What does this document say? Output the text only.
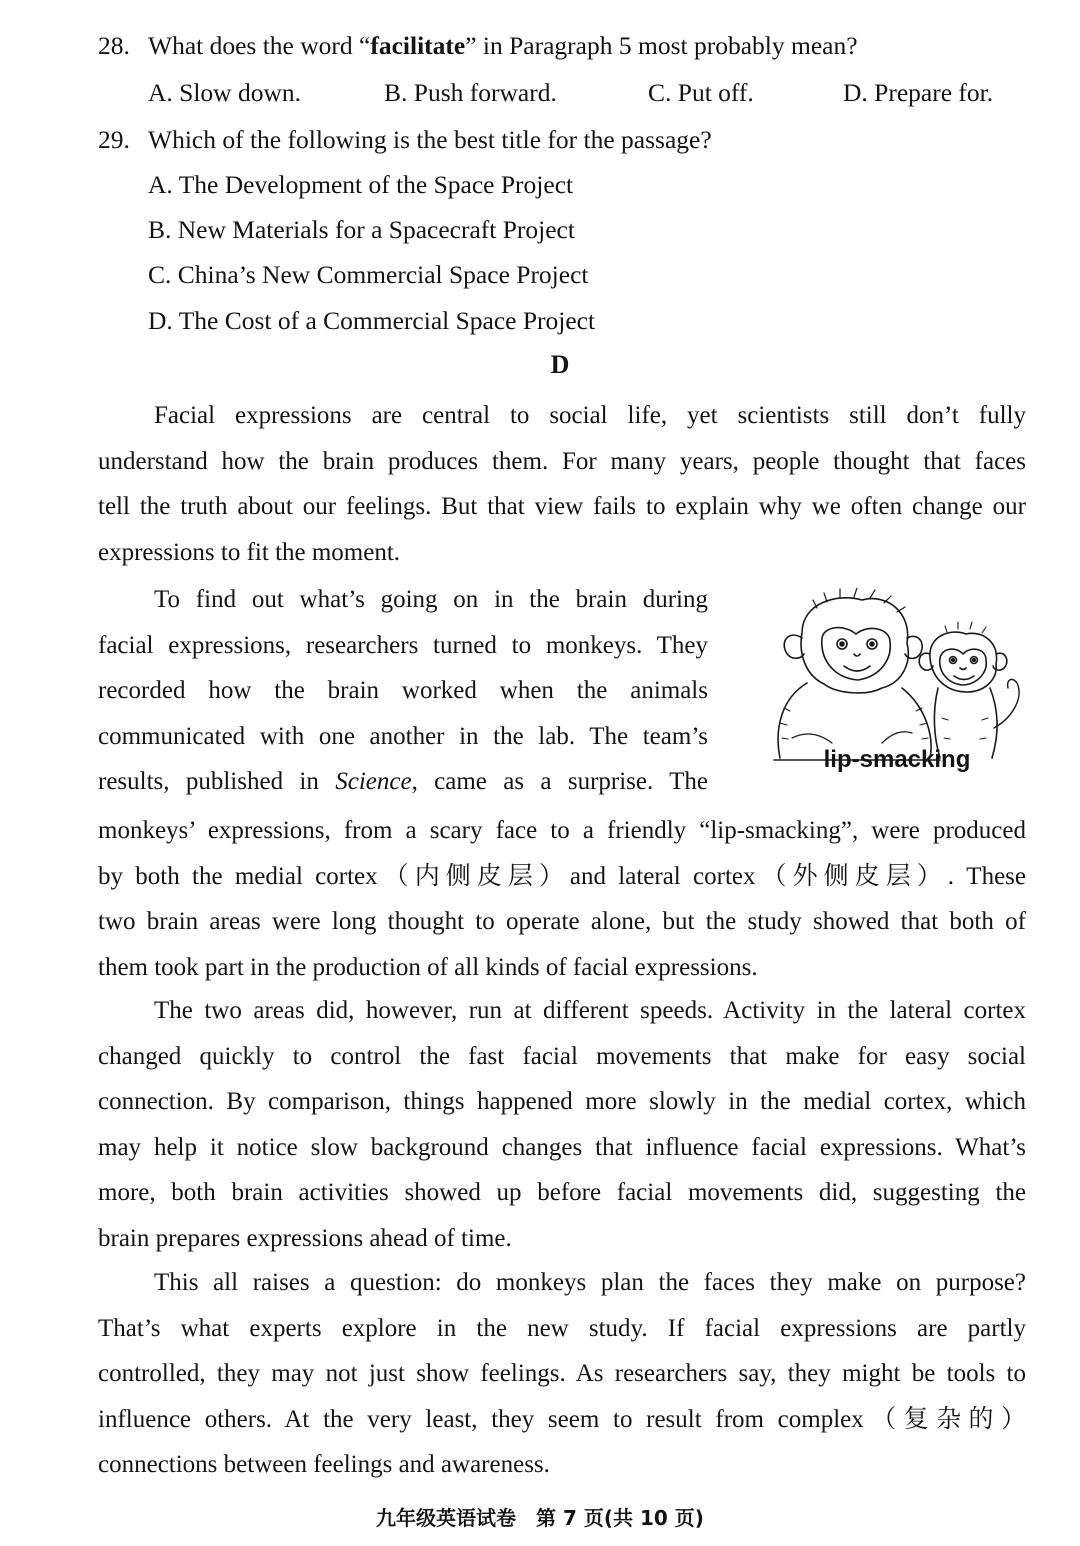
28. What does the word “facilitate” in Paragraph 5 most probably mean?
A. Slow down.	B. Push forward.	C. Put off.	D. Prepare for.
29. Which of the following is the best title for the passage?
A. The Development of the Space Project
B. New Materials for a Spacecraft Project
C. China’s New Commercial Space Project
D. The Cost of a Commercial Space Project
D
Facial expressions are central to social life, yet scientists still don’t fully
understand how the brain produces them. For many years, people thought that faces
tell the truth about our feelings. But that view fails to explain why we often change our
expressions to fit the moment.
To find out what’s going on in the brain during
facial expressions, researchers turned to monkeys. They
recorded how the brain worked when the animals
communicated with one another in the lab. The team’s
results, published in Science, came as a surprise. The
monkeys’ expressions, from a scary face to a friendly “lip-smacking”, were produced
by both the medial cortex（内侧皮层）and lateral cortex（外侧皮层）. These
two brain areas were long thought to operate alone, but the study showed that both of
them took part in the production of all kinds of facial expressions.
The two areas did, however, run at different speeds. Activity in the lateral cortex
changed quickly to control the fast facial movements that make for easy social
connection. By comparison, things happened more slowly in the medial cortex, which
may help it notice slow background changes that influence facial expressions. What’s
more, both brain activities showed up before facial movements did, suggesting the
brain prepares expressions ahead of time.
This all raises a question: do monkeys plan the faces they make on purpose?
That’s what experts explore in the new study. If facial expressions are partly
controlled, they may not just show feelings. As researchers say, they might be tools to
influence others. At the very least, they seem to result from complex（复杂的）
connections between feelings and awareness.
lip-smacking
九年级英语试卷　第 7 页(共 10 页)
